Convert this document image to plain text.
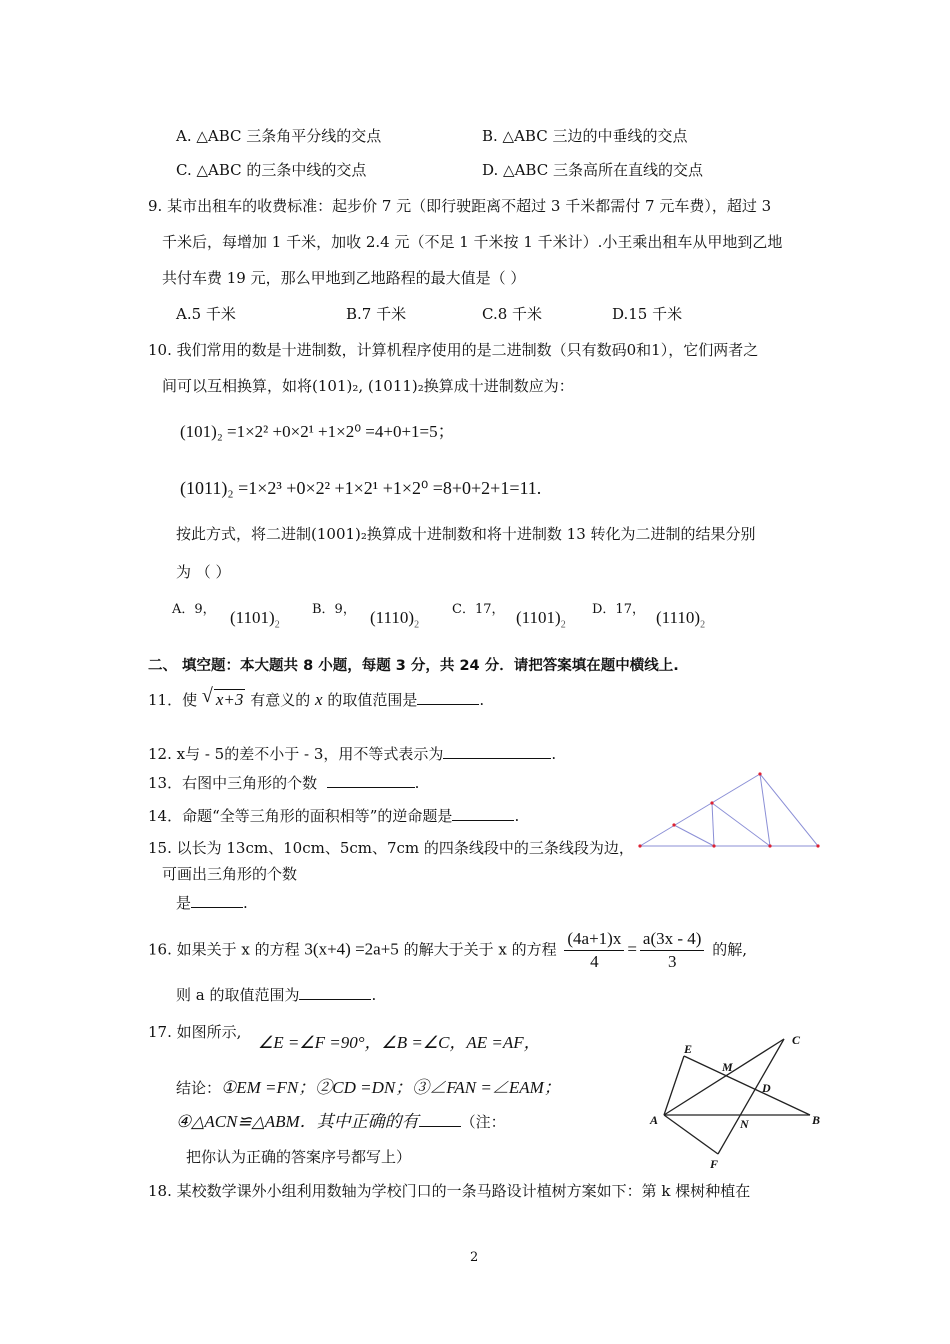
A. △ABC 三条角平分线的交点	B. △ABC 三边的中垂线的交点
C. △ABC 的三条中线的交点	D. △ABC 三条高所在直线的交点
9. 某市出租车的收费标准：起步价 7 元（即行驶距离不超过 3 千米都需付 7 元车费），超过 3
千米后，每增加 1 千米，加收 2.4 元（不足 1 千米按 1 千米计）.小王乘出租车从甲地到乙地
共付车费 19 元，那么甲地到乙地路程的最大值是（ ）
A.5 千米	B.7 千米	C.8 千米	D.15 千米
10. 我们常用的数是十进制数，计算机程序使用的是二进制数（只有数码0和1），它们两者之
间可以互相换算，如将(101)₂, (1011)₂换算成十进制数应为：
(101)₂ =1×2² +0×2¹ +1×2⁰ =4+0+1=5；
(1011)₂ =1×2³ +0×2² +1×2¹ +1×2⁰ =8+0+2+1=11.
按此方式，将二进制(1001)₂换算成十进制数和将十进制数 13 转化为二进制的结果分别
为 （ ）
A．9， $(1101)_2$
B．9， $(1110)_2$
C．17， $(1101)_2$
D．17， $(1110)_2$
二、 填空题：本大题共 8 小题，每题 3 分，共 24 分．请把答案填在题中横线上.
11．使 √ x+3 有意义的 x 的取值范围是	.
12. x与 - 5的差不小于 - 3，用不等式表示为	.
13．右图中三角形的个数	.
14．命题“全等三角形的面积相等”的逆命题是	.
15. 以长为 13cm、10cm、5cm、7cm 的四条线段中的三条线段为边，
可画出三角形的个数
是	.
16. 如果关于 x 的方程 3(x+4) =2a+5 的解大于关于 x 的方程 $\frac{(4a+1)x}{4} = \frac{a(3x - 4)}{3}$ 的解,
则 a 的取值范围为	.
17. 如图所示,
∠E =∠F =90°，∠B =∠C，AE =AF，
结论：①EM =FN；②CD =DN；③∠FAN =∠EAM；
④△ACN≌△ABM．其中正确的有	（注：
把你认为正确的答案序号都写上）
E
M
C
D
A	B
N
F
18. 某校数学课外小组利用数轴为学校门口的一条马路设计植树方案如下：第 k 棵树种植在
2
